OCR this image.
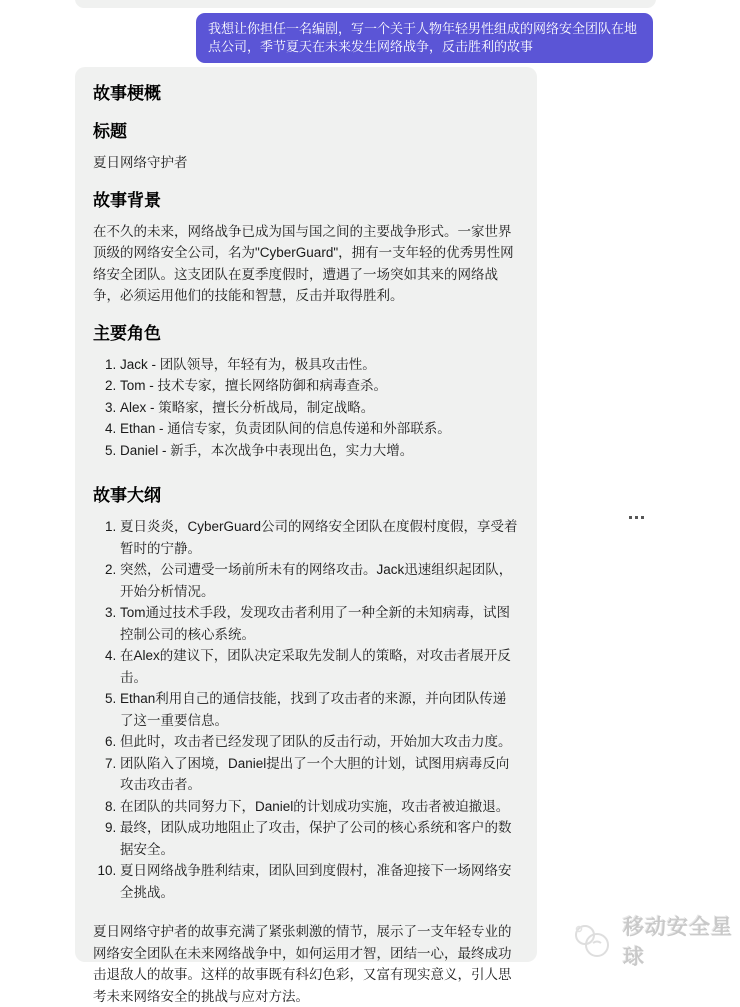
我想让你担任一名编剧，写一个关于人物年轻男性组成的网络安全团队在地点公司，季节夏天在未来发生网络战争，反击胜利的故事
故事梗概
标题

夏日网络守护者

故事背景

在不久的未来，网络战争已成为国与国之间的主要战争形式。一家世界顶级的网络安全公司，名为"CyberGuard"，拥有一支年轻的优秀男性网络安全团队。这支团队在夏季度假时，遭遇了一场突如其来的网络战争，必须运用他们的技能和智慧，反击并取得胜利。

主要角色
1. Jack - 团队领导，年轻有为，极具攻击性。
2. Tom - 技术专家，擅长网络防御和病毒查杀。
3. Alex - 策略家，擅长分析战局，制定战略。
4. Ethan - 通信专家，负责团队间的信息传递和外部联系。
5. Daniel - 新手，本次战争中表现出色，实力大增。
故事大纲
1. 夏日炎炎，CyberGuard公司的网络安全团队在度假村度假，享受着暂时的宁静。
2. 突然，公司遭受一场前所未有的网络攻击。Jack迅速组织起团队，开始分析情况。
3. Tom通过技术手段，发现攻击者利用了一种全新的未知病毒，试图控制公司的核心系统。
4. 在Alex的建议下，团队决定采取先发制人的策略，对攻击者展开反击。
5. Ethan利用自己的通信技能，找到了攻击者的来源，并向团队传递了这一重要信息。
6. 但此时，攻击者已经发现了团队的反击行动，开始加大攻击力度。
7. 团队陷入了困境，Daniel提出了一个大胆的计划，试图用病毒反向攻击攻击者。
8. 在团队的共同努力下，Daniel的计划成功实施，攻击者被迫撤退。
9. 最终，团队成功地阻止了攻击，保护了公司的核心系统和客户的数据安全。
10. 夏日网络战争胜利结束，团队回到度假村，准备迎接下一场网络安全挑战。

夏日网络守护者的故事充满了紧张刺激的情节，展示了一支年轻专业的网络安全团队在未来网络战争中，如何运用才智，团结一心，最终成功击退敌人的故事。这样的故事既有科幻色彩，又富有现实意义，引人思考未来网络安全的挑战与应对方法。

移动安全星球
